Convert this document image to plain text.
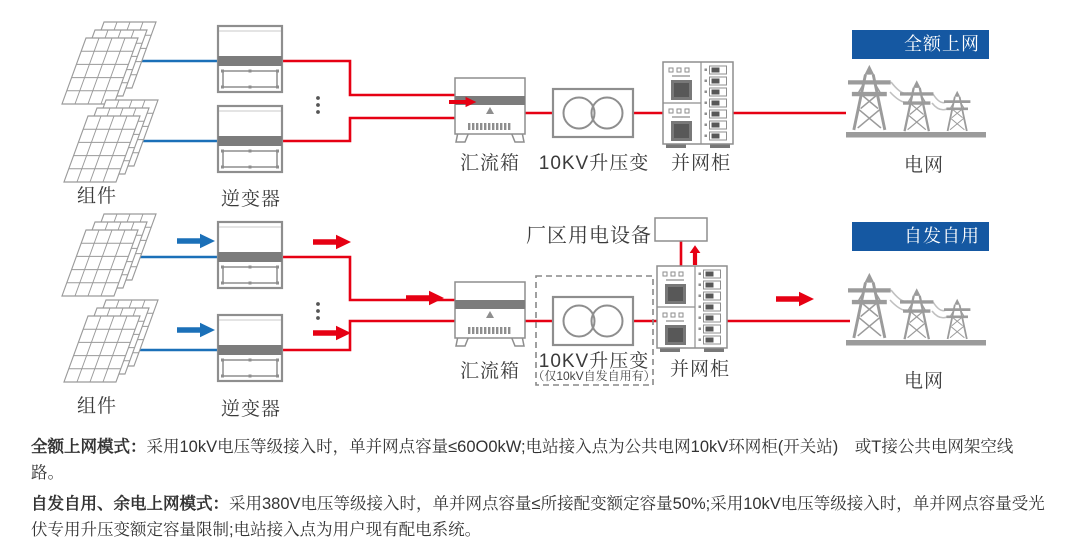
全额上网
自发自用
组件	逆变器
汇流箱 10KV升压变	并网柜	电网
组件	逆变器
汇流箱 10KV升压变
（仅10kV自发自用有） 并网柜
电网
厂区用电设备

全额上网模式：采用10kV电压等级接入时，单并网点容量≤60O0kW;电站接入点为公共电网10kV环网柜(开关站)　或T接公共电网架空线路。

自发自用、余电上网模式：采用380V电压等级接入时，单并网点容量≤所接配变额定容量50%;采用10kV电压等级接入时，单并网点容量受光伏专用升压变额定容量限制;电站接入点为用户现有配电系统。
